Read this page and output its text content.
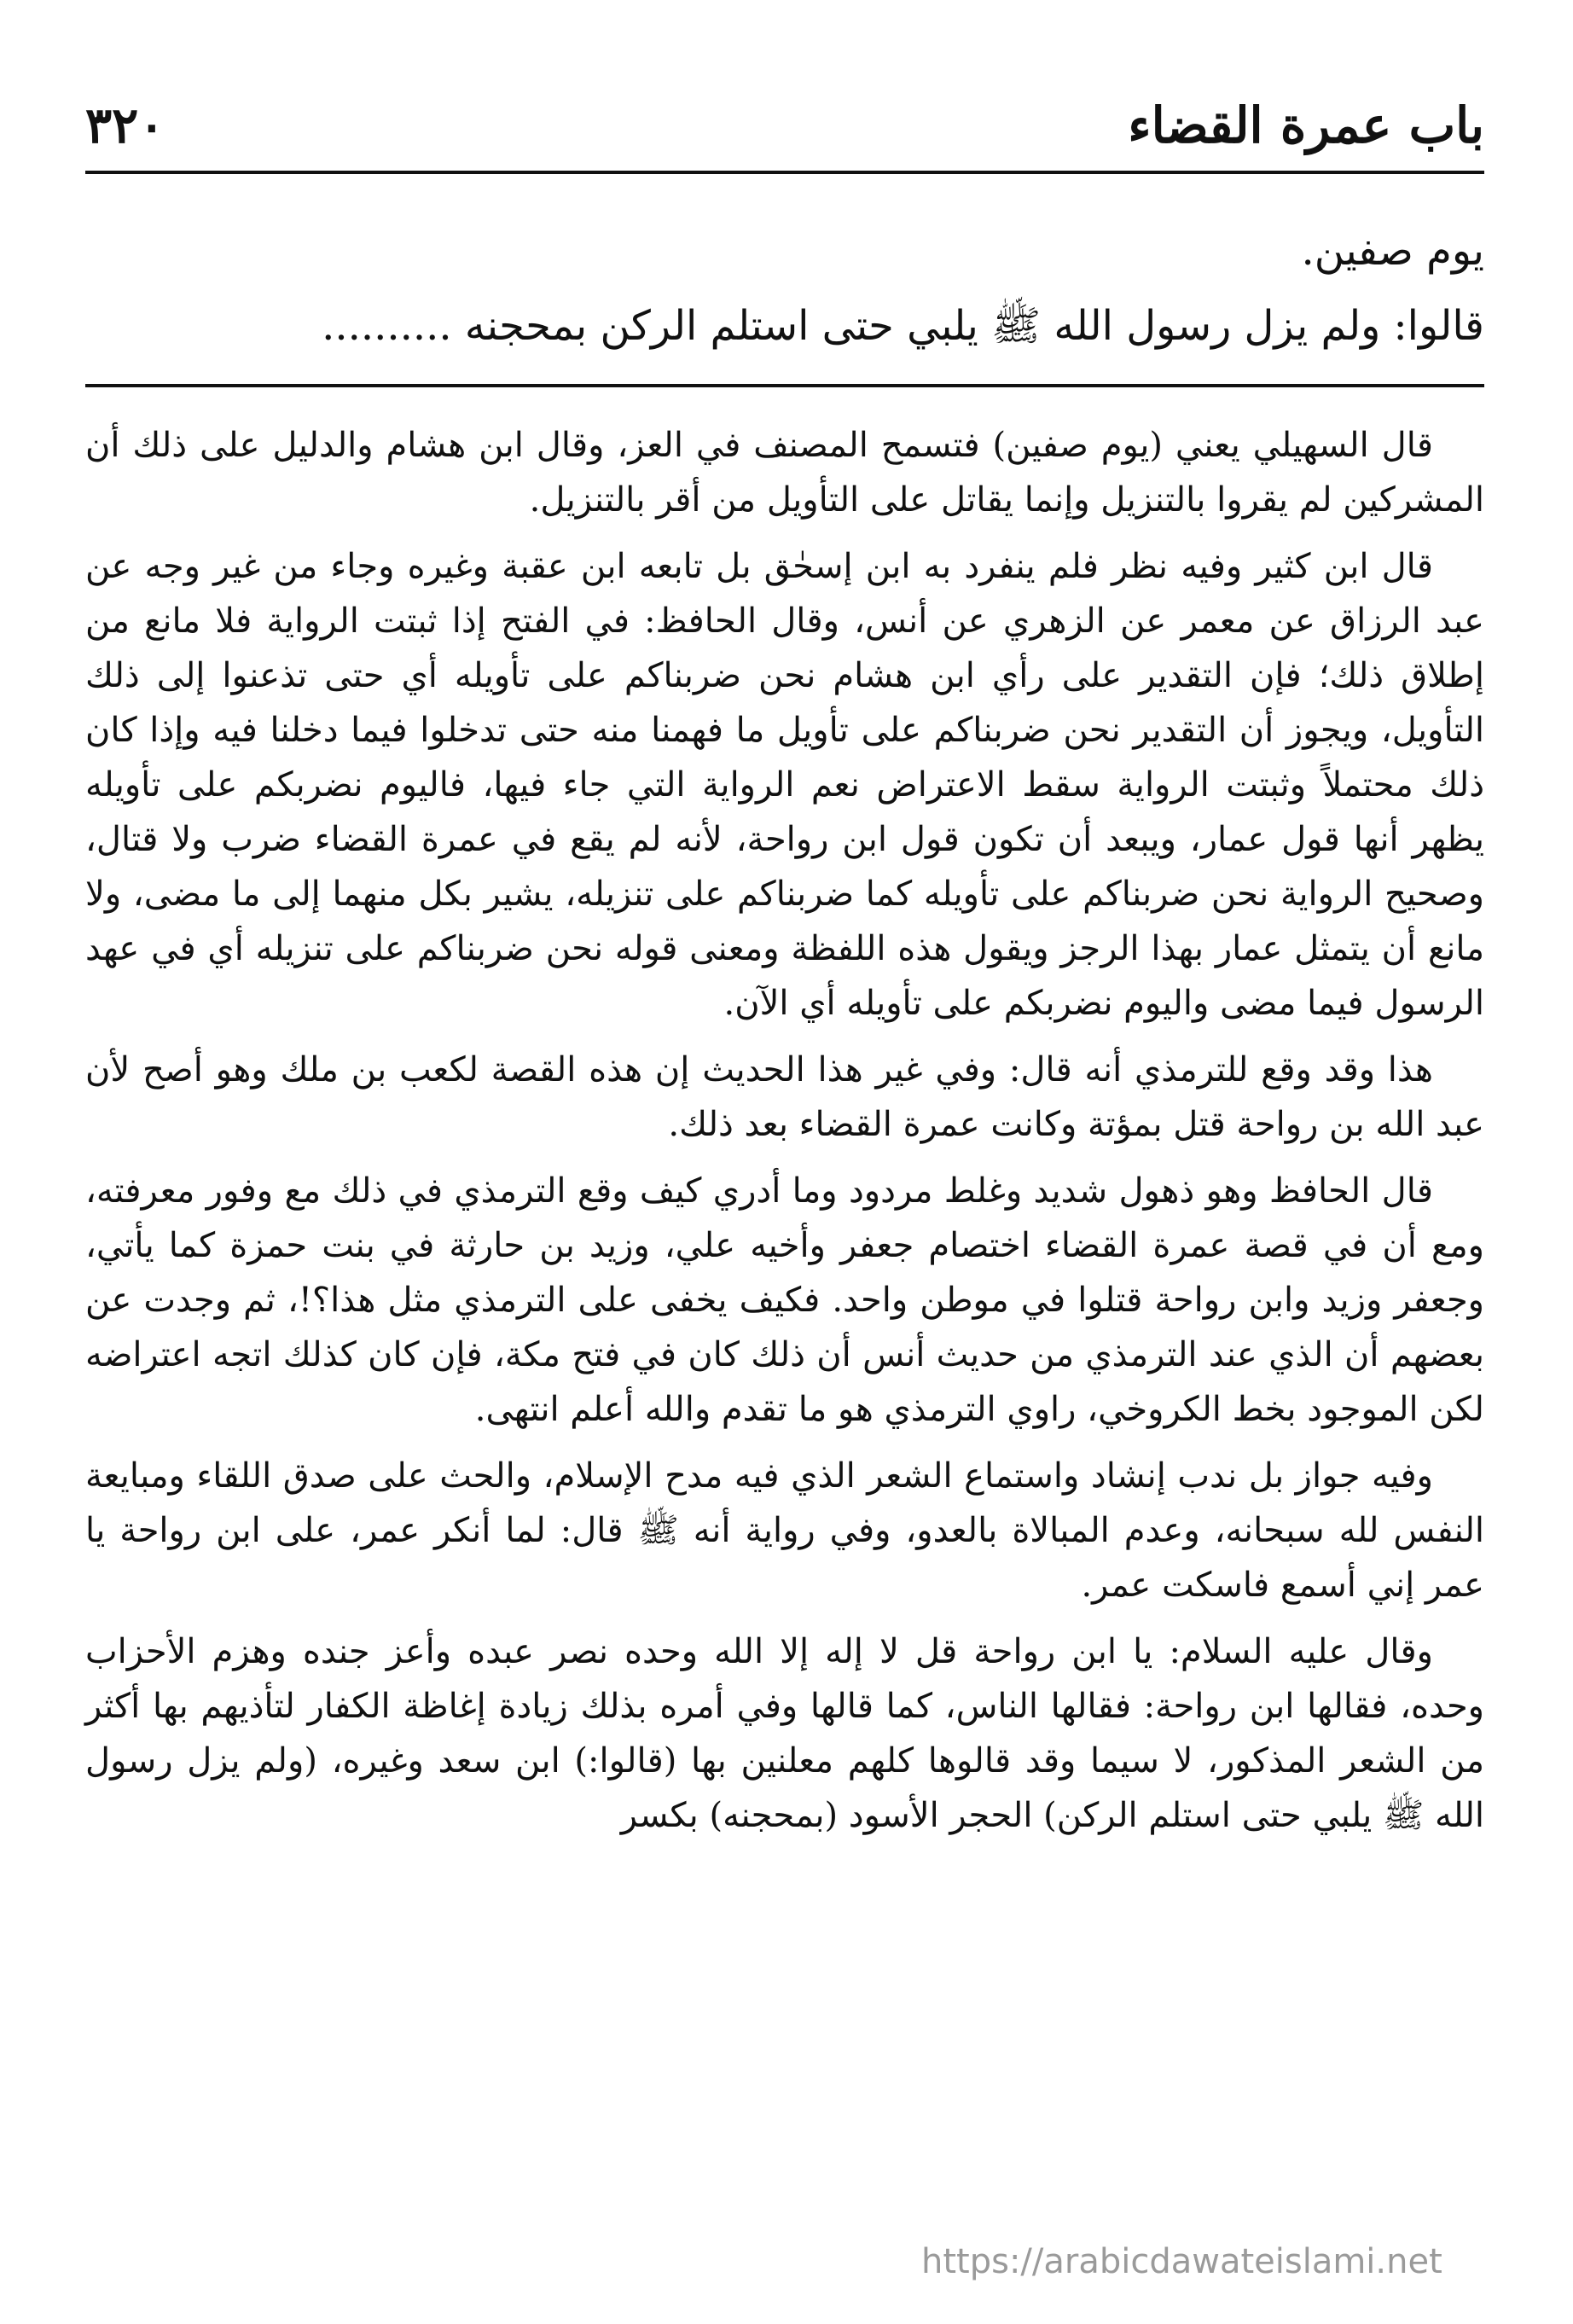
٣٢٠	باب عمرة القضاء

يوم صفين.

قالوا: ولم يزل رسول الله ﷺ يلبي حتى استلم الركن بمحجنه ..........

قال السهيلي يعني (يوم صفين) فتسمح المصنف في العز، وقال ابن هشام والدليل على ذلك أن المشركين لم يقروا بالتنزيل وإنما يقاتل على التأويل من أقر بالتنزيل.

قال ابن كثير وفيه نظر فلم ينفرد به ابن إسحٰق بل تابعه ابن عقبة وغيره وجاء من غير وجه عن عبد الرزاق عن معمر عن الزهري عن أنس، وقال الحافظ: في الفتح إذا ثبتت الرواية فلا مانع من إطلاق ذلك؛ فإن التقدير على رأي ابن هشام نحن ضربناكم على تأويله أي حتى تذعنوا إلى ذلك التأويل، ويجوز أن التقدير نحن ضربناكم على تأويل ما فهمنا منه حتى تدخلوا فيما دخلنا فيه وإذا كان ذلك محتملاً وثبتت الرواية سقط الاعتراض نعم الرواية التي جاء فيها، فاليوم نضربكم على تأويله يظهر أنها قول عمار، ويبعد أن تكون قول ابن رواحة، لأنه لم يقع في عمرة القضاء ضرب ولا قتال، وصحيح الرواية نحن ضربناكم على تأويله كما ضربناكم على تنزيله، يشير بكل منهما إلى ما مضى، ولا مانع أن يتمثل عمار بهذا الرجز ويقول هذه اللفظة ومعنى قوله نحن ضربناكم على تنزيله أي في عهد الرسول فيما مضى واليوم نضربكم على تأويله أي الآن.

هذا وقد وقع للترمذي أنه قال: وفي غير هذا الحديث إن هذه القصة لكعب بن ملك وهو أصح لأن عبد الله بن رواحة قتل بمؤتة وكانت عمرة القضاء بعد ذلك.

قال الحافظ وهو ذهول شديد وغلط مردود وما أدري كيف وقع الترمذي في ذلك مع وفور معرفته، ومع أن في قصة عمرة القضاء اختصام جعفر وأخيه علي، وزيد بن حارثة في بنت حمزة كما يأتي، وجعفر وزيد وابن رواحة قتلوا في موطن واحد. فكيف يخفى على الترمذي مثل هذا؟!، ثم وجدت عن بعضهم أن الذي عند الترمذي من حديث أنس أن ذلك كان في فتح مكة، فإن كان كذلك اتجه اعتراضه لكن الموجود بخط الكروخي، راوي الترمذي هو ما تقدم والله أعلم انتهى.

وفيه جواز بل ندب إنشاد واستماع الشعر الذي فيه مدح الإسلام، والحث على صدق اللقاء ومبايعة النفس لله سبحانه، وعدم المبالاة بالعدو، وفي رواية أنه ﷺ قال: لما أنكر عمر، على ابن رواحة يا عمر إني أسمع فاسكت عمر.

وقال عليه السلام: يا ابن رواحة قل لا إله إلا الله وحده نصر عبده وأعز جنده وهزم الأحزاب وحده، فقالها ابن رواحة: فقالها الناس، كما قالها وفي أمره بذلك زيادة إغاظة الكفار لتأذيهم بها أكثر من الشعر المذكور، لا سيما وقد قالوها كلهم معلنين بها (قالوا:) ابن سعد وغيره، (ولم يزل رسول الله ﷺ يلبي حتى استلم الركن) الحجر الأسود (بمحجنه) بكسر

https://arabicdawateislami.net
